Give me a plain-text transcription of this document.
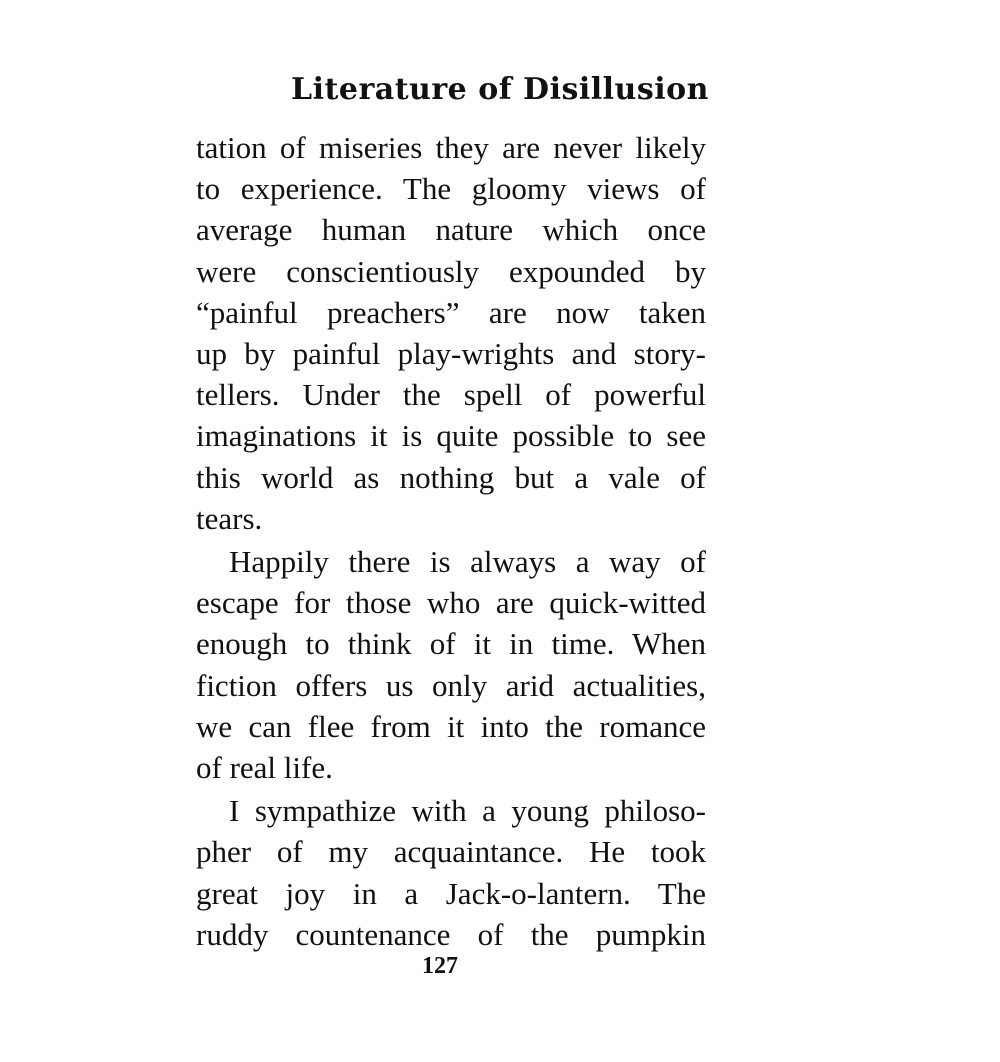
Literature of Disillusion
tation of miseries they are never likely
to experience. The gloomy views of
average human nature which once
were conscientiously expounded by
“painful preachers” are now taken
up by painful play-wrights and story-
tellers. Under the spell of powerful
imaginations it is quite possible to see
this world as nothing but a vale of
tears.
Happily there is always a way of
escape for those who are quick-witted
enough to think of it in time. When
fiction offers us only arid actualities,
we can flee from it into the romance
of real life.
I sympathize with a young philoso-
pher of my acquaintance. He took
great joy in a Jack-o-lantern. The
ruddy countenance of the pumpkin
127
